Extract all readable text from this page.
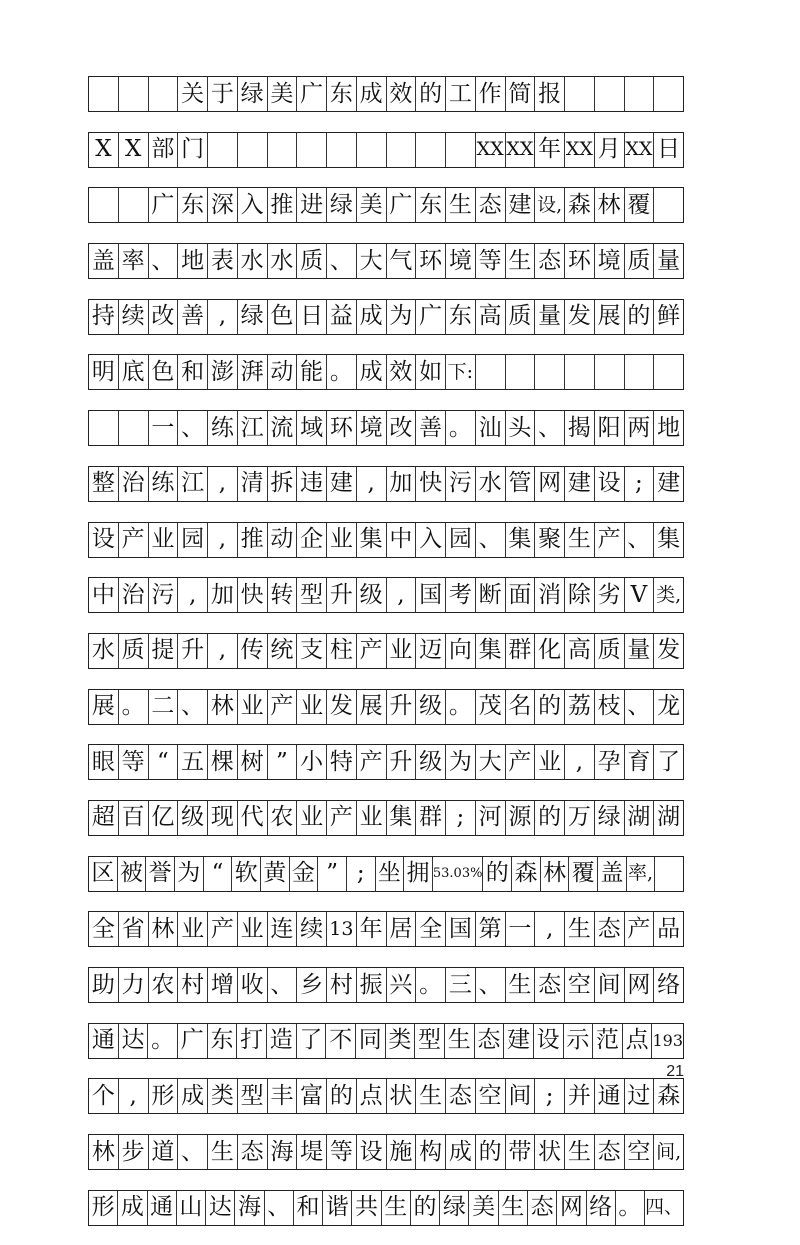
关 于 绿 美 广 东 成 效 的 工 作 简 报
X X 部 门	XX XX 年 XX 月 XX 日
广 东 深 入 推 进 绿 美 广 东 生 态 建 设, 森 林 覆
盖 率 、 地 表 水 水 质 、 大 气 环 境 等 生 态 环 境 质 量
持 续 改 善 , 绿 色 日 益 成 为 广 东 高 质 量 发 展 的 鲜
明 底 色 和 澎 湃 动 能 。 成 效 如 下:
一 、 练 江 流 域 环 境 改 善 。 汕 头 、 揭 阳 两 地
整 治 练 江 , 清 拆 违 建 , 加 快 污 水 管 网 建 设 ; 建
设 产 业 园 , 推 动 企 业 集 中 入 园 、 集 聚 生 产 、 集
中 治 污 , 加 快 转 型 升 级 , 国 考 断 面 消 除 劣 V 类,
水 质 提 升 , 传 统 支 柱 产 业 迈 向 集 群 化 高 质 量 发
展 。 二 、 林 业 产 业 发 展 升 级 。 茂 名 的 荔 枝 、 龙
眼 等 “ 五 棵 树 ” 小 特 产 升 级 为 大 产 业 , 孕 育 了
超 百 亿 级 现 代 农 业 产 业 集 群 ; 河 源 的 万 绿 湖 湖
区 被 誉 为 “ 软 黄 金 ” ; 坐 拥 53.03% 的 森 林 覆 盖 率,
全 省 林 业 产 业 连 续 13 年 居 全 国 第 一 , 生 态 产 品
助 力 农 村 增 收 、 乡 村 振 兴 。 三 、 生 态 空 间 网 络
通 达 。 广 东 打 造 了 不 同 类 型 生 态 建 设 示 范 点 193
个 , 形 成 类 型 丰 富 的 点 状 生 态 空 间 ; 并 通 过 森
林 步 道 、 生 态 海 堤 等 设 施 构 成 的 带 状 生 态 空 间,
形 成 通 山 达 海 、 和 谐 共 生 的 绿 美 生 态 网 络 。 四、
21
